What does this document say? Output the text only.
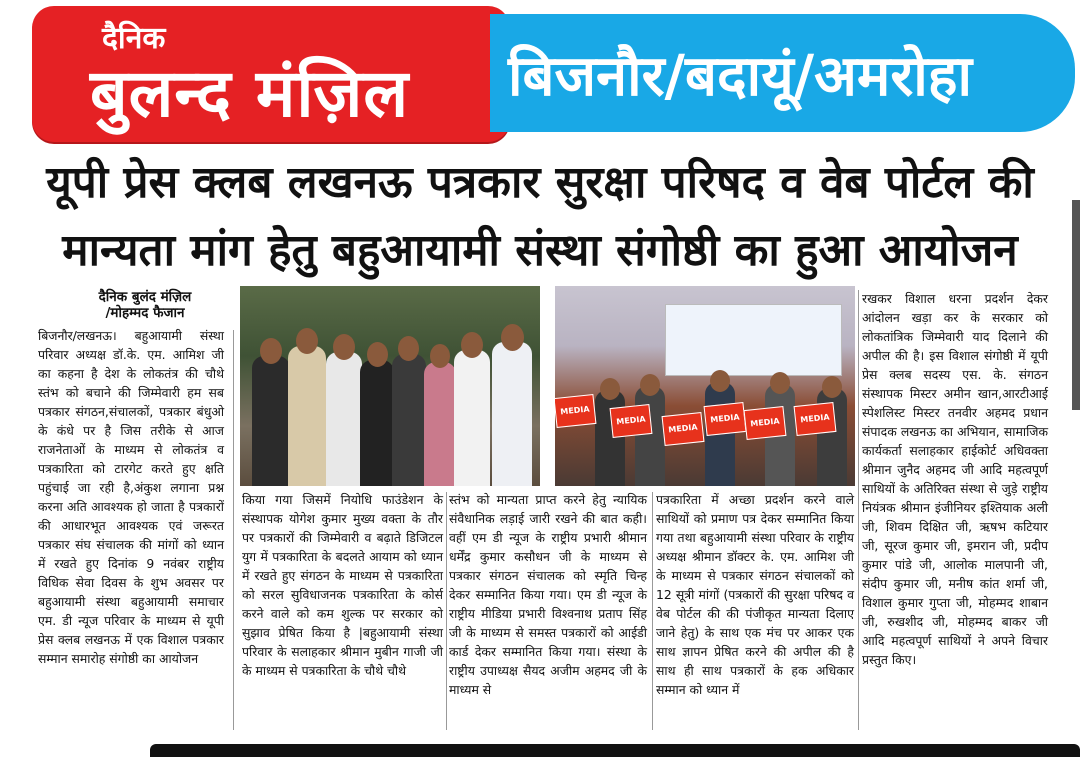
दैनिक
बुलन्द मंज़िल बिजनौर/बदायूं/अमरोहा
यूपी प्रेस क्लब लखनऊ पत्रकार सुरक्षा परिषद व वेब पोर्टल की
मान्यता मांग हेतु बहुआयामी संस्था संगोष्ठी का हुआ आयोजन
दैनिक बुलंद मंज़िल
/मोहम्मद फैजान
MEDIA
MEDIA
MEDIA
MEDIA	MEDIA	MEDIA
बिजनौर/लखनऊ। बहुआयामी संस्था परिवार अध्यक्ष डॉ.के. एम. आमिश जी का कहना है देश के लोकतंत्र की चौथे स्तंभ को बचाने की जिम्मेवारी हम सब पत्रकार संगठन,संचालकों, पत्रकार बंधुओ के कंधे पर है जिस तरीके से आज राजनेताओं के माध्यम से लोकतंत्र व पत्रकारिता को टारगेट करते हुए क्षति पहुंचाई जा रही है,अंकुश लगाना प्रश्न करना अति आवश्यक हो जाता है पत्रकारों की आधारभूत आवश्यक एवं जरूरत पत्रकार संघ संचालक की मांगों को ध्यान में रखते हुए दिनांक 9 नवंबर राष्ट्रीय विधिक सेवा दिवस के शुभ अवसर पर बहुआयामी संस्था बहुआयामी समाचार एम. डी न्यूज परिवार के माध्यम से यूपी प्रेस क्लब लखनऊ में एक विशाल पत्रकार सम्मान समारोह संगोष्ठी का आयोजन
किया गया जिसमें नियोधि फाउंडेशन के संस्थापक योगेश कुमार मुख्य वक्ता के तौर पर पत्रकारों की जिम्मेवारी व बढ़ाते डिजिटल युग में पत्रकारिता के बदलते आयाम को ध्यान में रखते हुए संगठन के माध्यम से पत्रकारिता को सरल सुविधाजनक पत्रकारिता के कोर्स करने वाले को कम शुल्क पर सरकार को सुझाव प्रेषित किया है |बहुआयामी संस्था परिवार के सलाहकार श्रीमान मुबीन गाजी जी के माध्यम से पत्रकारिता के चौथे चौथे
स्तंभ को मान्यता प्राप्त करने हेतु न्यायिक संवैधानिक लड़ाई जारी रखने की बात कही। वहीं एम डी न्यूज के राष्ट्रीय प्रभारी श्रीमान धर्मेंद्र कुमार कसौधन जी के माध्यम से पत्रकार संगठन संचालक को स्मृति चिन्ह देकर सम्मानित किया गया। एम डी न्यूज के राष्ट्रीय मीडिया प्रभारी विश्वनाथ प्रताप सिंह जी के माध्यम से समस्त पत्रकारों को आईडी कार्ड देकर सम्मानित किया गया। संस्था के राष्ट्रीय उपाध्यक्ष सैयद अजीम अहमद जी के माध्यम से
पत्रकारिता में अच्छा प्रदर्शन करने वाले साथियों को प्रमाण पत्र देकर सम्मानित किया गया तथा बहुआयामी संस्था परिवार के राष्ट्रीय अध्यक्ष श्रीमान डॉक्टर के. एम. आमिश जी के माध्यम से पत्रकार संगठन संचालकों को 12 सूत्री मांगों (पत्रकारों की सुरक्षा परिषद व वेब पोर्टल की की पंजीकृत मान्यता दिलाए जाने हेतु) के साथ एक मंच पर आकर एक साथ ज्ञापन प्रेषित करने की अपील की है साथ ही साथ पत्रकारों के हक अधिकार सम्मान को ध्यान में
रखकर विशाल धरना प्रदर्शन देकर आंदोलन खड़ा कर के सरकार को लोकतांत्रिक जिम्मेवारी याद दिलाने की अपील की है। इस विशाल संगोष्ठी में यूपी प्रेस क्लब सदस्य एस. के. संगठन संस्थापक मिस्टर अमीन खान,आरटीआई स्पेशलिस्ट मिस्टर तनवीर अहमद प्रधान संपादक लखनऊ का अभियान, सामाजिक कार्यकर्ता सलाहकार हाईकोर्ट अधिवक्ता श्रीमान जुनैद अहमद जी आदि महत्वपूर्ण साथियों के अतिरिक्त संस्था से जुड़े राष्ट्रीय नियंत्रक श्रीमान इंजीनियर इश्तियाक अली जी, शिवम दिक्षित जी, ऋषभ कटियार जी, सूरज कुमार जी, इमरान जी, प्रदीप कुमार पांडे जी, आलोक मालपानी जी, संदीप कुमार जी, मनीष कांत शर्मा जी, विशाल कुमार गुप्ता जी, मोहम्मद शाबान जी, रुखशीद जी, मोहम्मद बाकर जी आदि महत्वपूर्ण साथियों ने अपने विचार प्रस्तुत किए।
